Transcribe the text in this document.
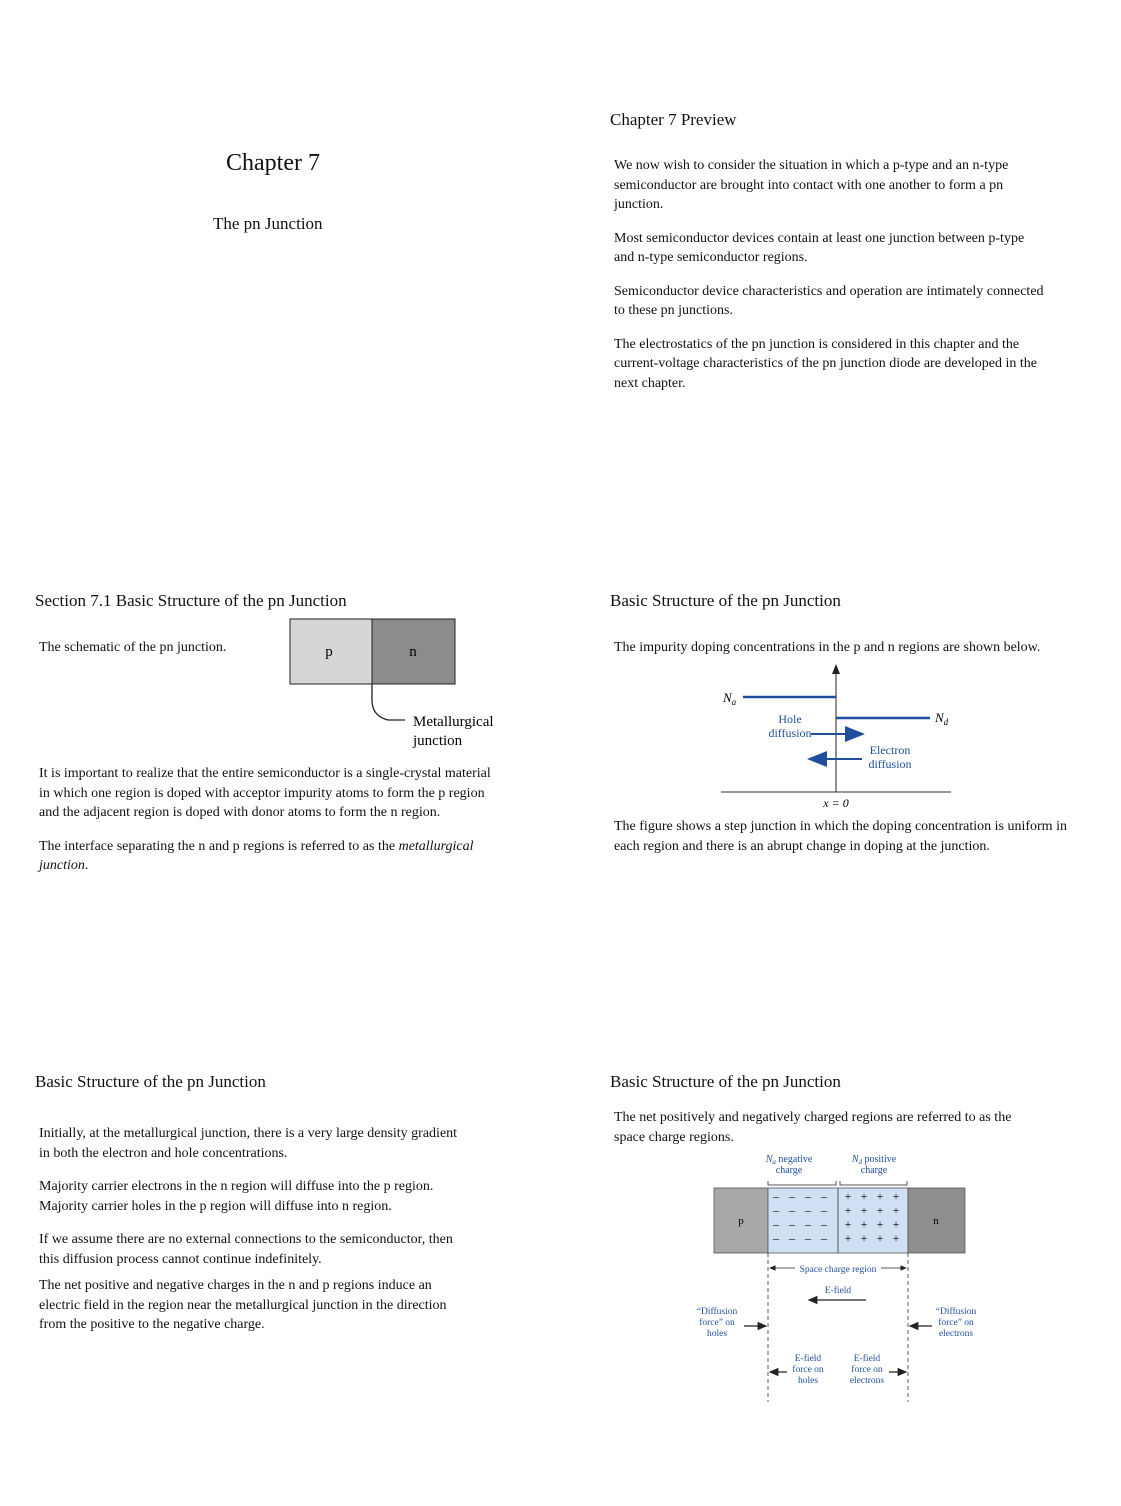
Chapter 7
The pn Junction
Chapter 7 Preview

We now wish to consider the situation in which a p-type and an n-type semiconductor are brought into contact with one another to form a pn junction.

Most semiconductor devices contain at least one junction between p-type and n-type semiconductor regions.

Semiconductor device characteristics and operation are intimately connected to these pn junctions.

The electrostatics of the pn junction is considered in this chapter and the current-voltage characteristics of the pn junction diode are developed in the next chapter.

Section 7.1 Basic Structure of the pn Junction
The schematic of the pn junction.	p	n
Metallurgical
junction

It is important to realize that the entire semiconductor is a single-crystal material in which one region is doped with acceptor impurity atoms to form the p region and the adjacent region is doped with donor atoms to form the n region.

The interface separating the n and p regions is referred to as the metallurgical junction.

Basic Structure of the pn Junction
The impurity doping concentrations in the p and n regions are shown below.
$N_a$
$N_d$
Hole
diffusion
Electron
diffusion
x = 0
The figure shows a step junction in which the doping concentration is uniform in each region and there is an abrupt change in doping at the junction.
Basic Structure of the pn Junction

Initially, at the metallurgical junction, there is a very large density gradient in both the electron and hole concentrations.

Majority carrier electrons in the n region will diffuse into the p region. Majority carrier holes in the p region will diffuse into n region.

If we assume there are no external connections to the semiconductor, then this diffusion process cannot continue indefinitely.

The net positive and negative charges in the n and p regions induce an electric field in the region near the metallurgical junction in the direction from the positive to the negative charge.

Basic Structure of the pn Junction
The net positively and negatively charged regions are referred to as the space charge regions.
$N_a$ negative
charge
$N_d$ positive
charge
p	n
– – – – + + + +
– – – – + + + +
– – – – + + + +
– – – – + + + +
Space charge region
E-field
“Diffusion
force” on
holes
“Diffusion
force” on
electrons
E-field
force on
holes
E-field
force on
electrons
